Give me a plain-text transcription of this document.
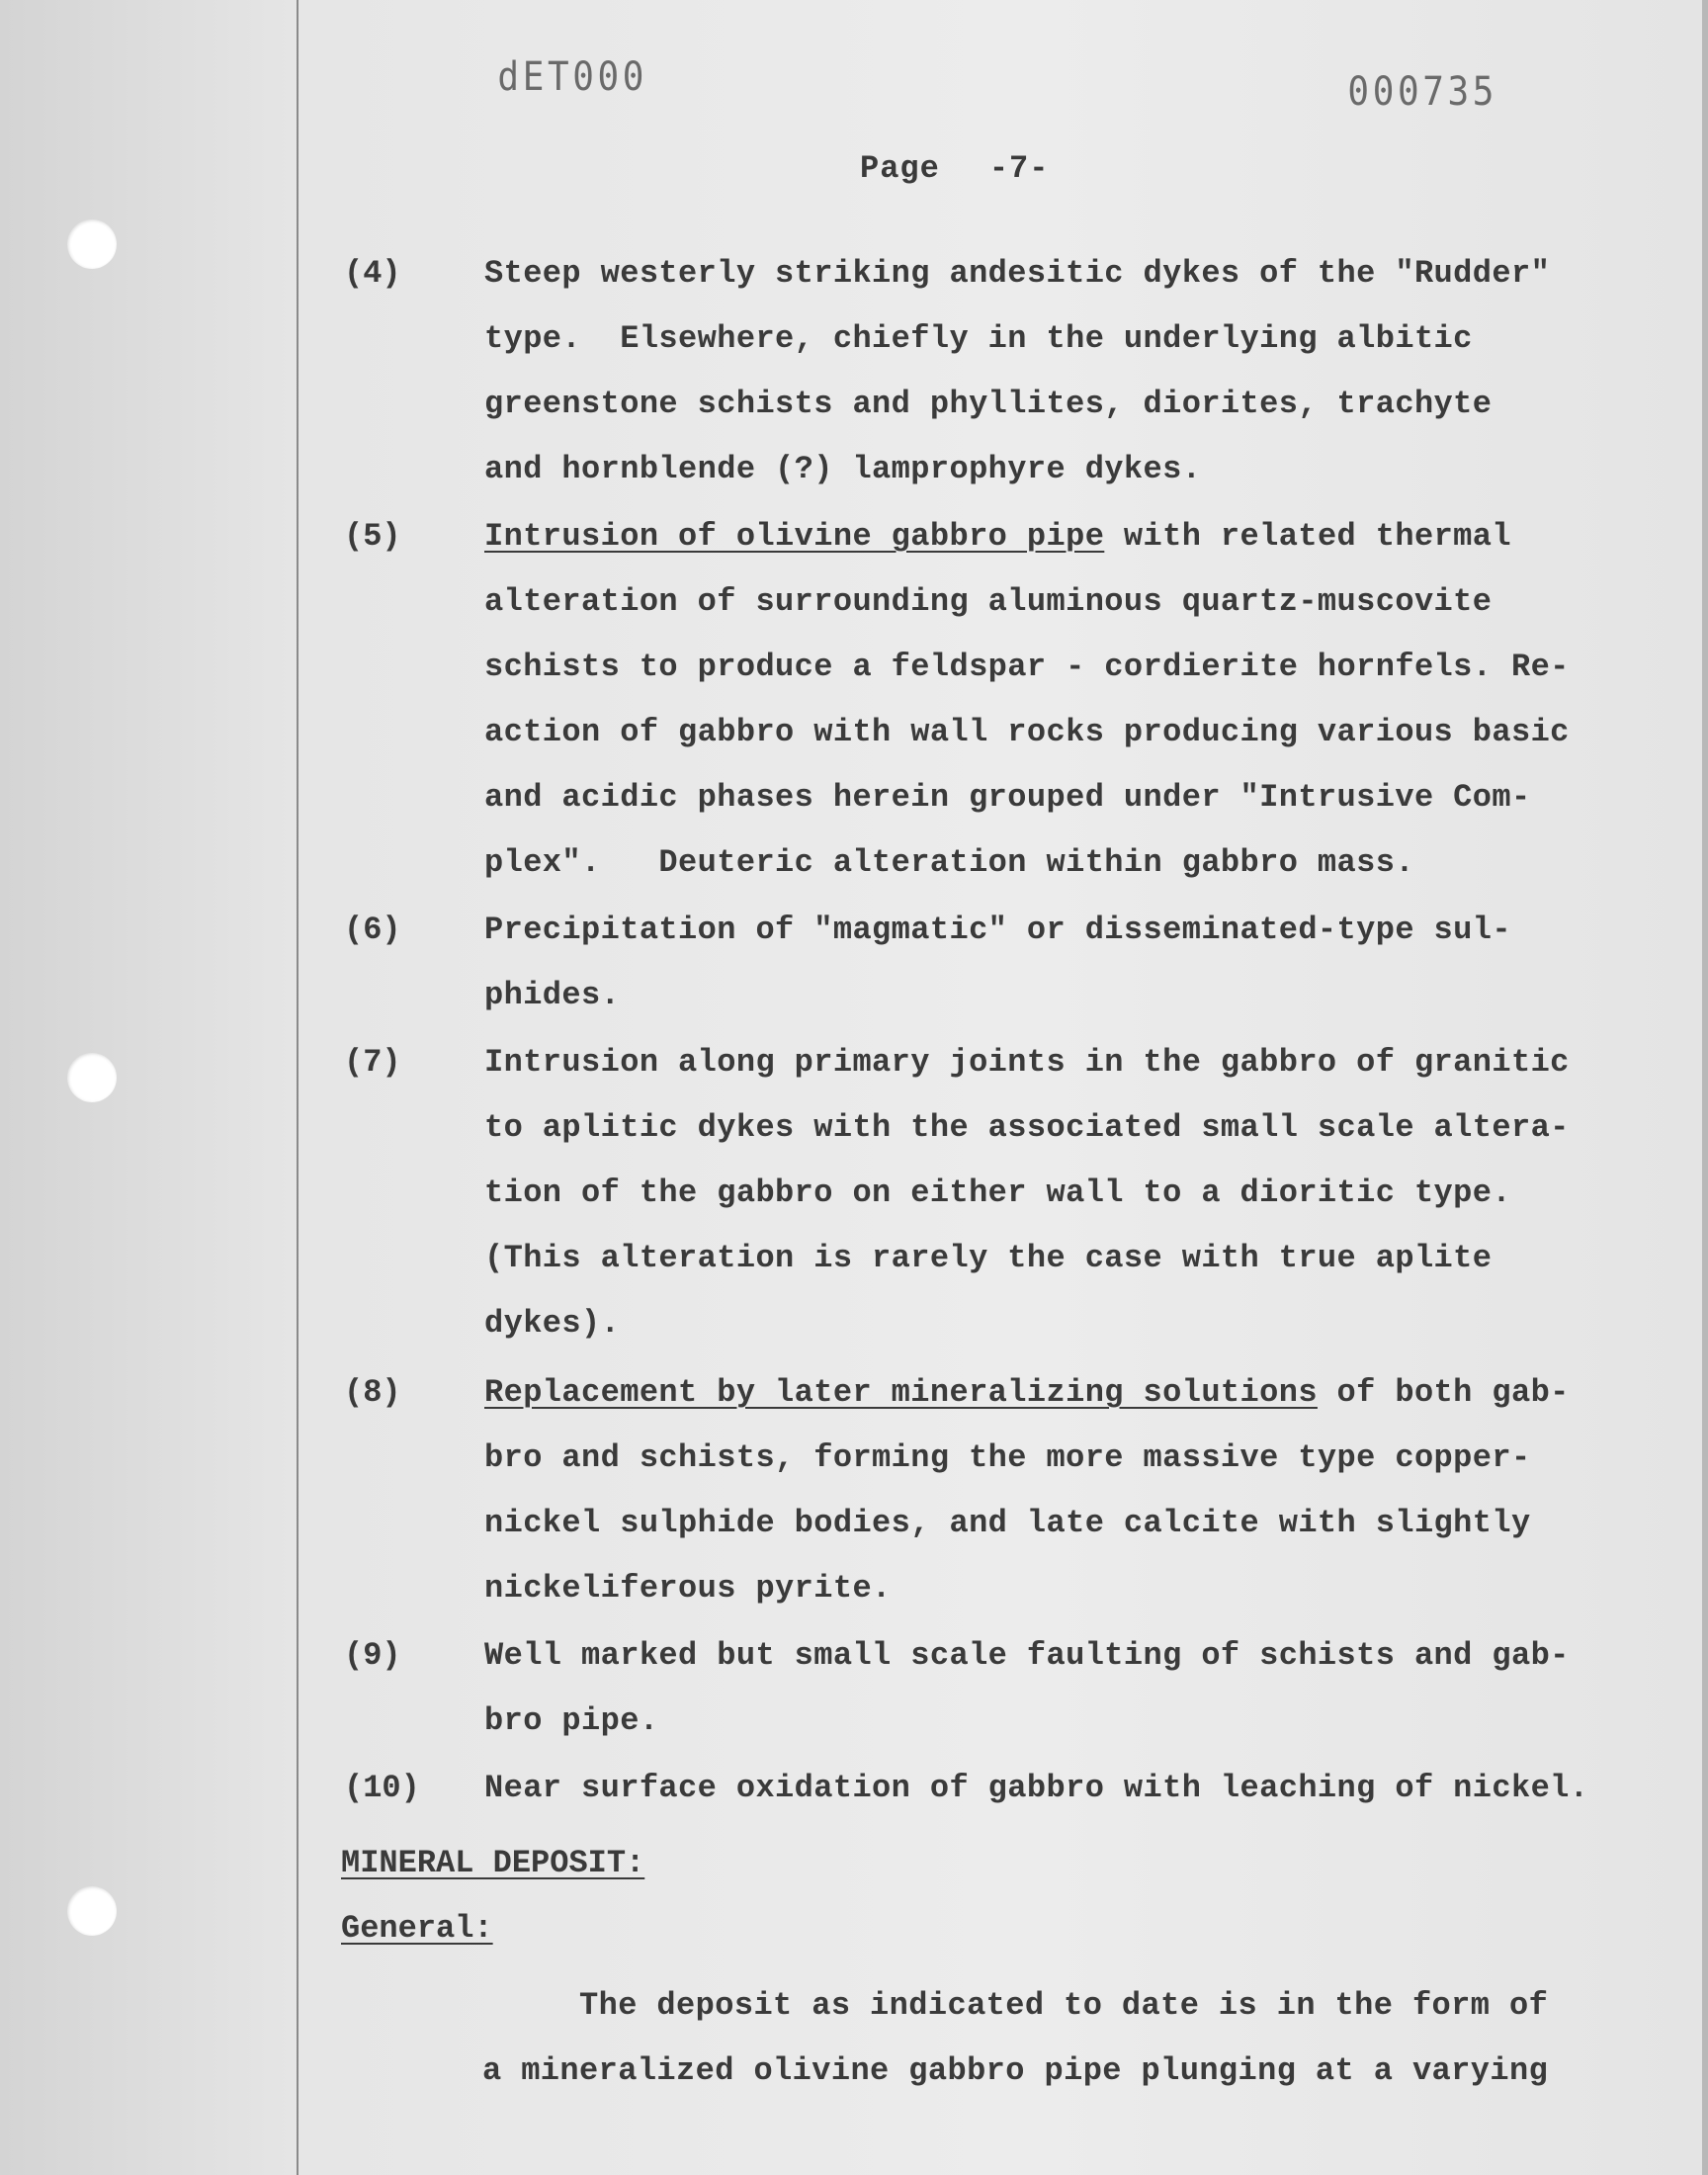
dET000	000735
Page -7-
(4)	Steep westerly striking andesitic dykes of the "Rudder"
type.  Elsewhere, chiefly in the underlying albitic
greenstone schists and phyllites, diorites, trachyte
and hornblende (?) lamprophyre dykes.
(5)	Intrusion of olivine gabbro pipe with related thermal
alteration of surrounding aluminous quartz-muscovite
schists to produce a feldspar - cordierite hornfels. Re-
action of gabbro with wall rocks producing various basic
and acidic phases herein grouped under "Intrusive Com-
plex".   Deuteric alteration within gabbro mass.
(6)	Precipitation of "magmatic" or disseminated-type sul-
phides.
(7)	Intrusion along primary joints in the gabbro of granitic
to aplitic dykes with the associated small scale altera-
tion of the gabbro on either wall to a dioritic type.
(This alteration is rarely the case with true aplite
dykes).
(8)	Replacement by later mineralizing solutions of both gab-
bro and schists, forming the more massive type copper-
nickel sulphide bodies, and late calcite with slightly
nickeliferous pyrite.
(9)	Well marked but small scale faulting of schists and gab-
bro pipe.
(10) Near surface oxidation of gabbro with leaching of nickel.
MINERAL DEPOSIT:
General:
The deposit as indicated to date is in the form of
a mineralized olivine gabbro pipe plunging at a varying
